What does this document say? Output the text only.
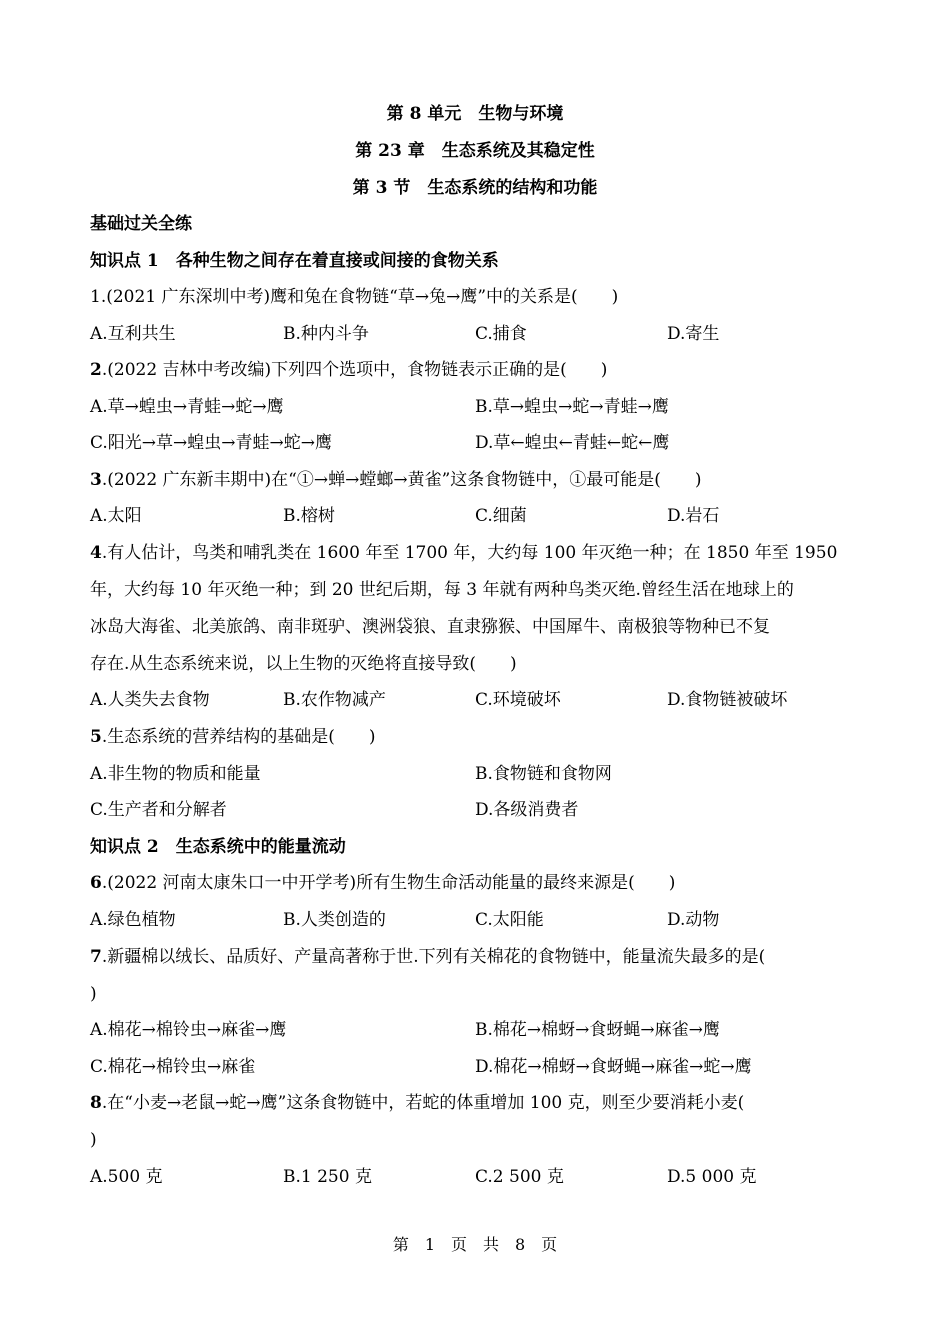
第 8 单元　生物与环境
第 23 章　生态系统及其稳定性
第 3 节　生态系统的结构和功能
基础过关全练
知识点 1　各种生物之间存在着直接或间接的食物关系
1.(2021 广东深圳中考)鹰和兔在食物链“草→兔→鹰”中的关系是(　　)
A.互利共生	B.种内斗争	C.捕食	D.寄生
2.(2022 吉林中考改编)下列四个选项中，食物链表示正确的是(　　)
A.草→蝗虫→青蛙→蛇→鹰	B.草→蝗虫→蛇→青蛙→鹰
C.阳光→草→蝗虫→青蛙→蛇→鹰	D.草←蝗虫←青蛙←蛇←鹰
3.(2022 广东新丰期中)在“①→蝉→螳螂→黄雀”这条食物链中，①最可能是(　　)
A.太阳	B.榕树	C.细菌	D.岩石
4.有人估计，鸟类和哺乳类在 1600 年至 1700 年，大约每 100 年灭绝一种；在 1850 年至 1950
年，大约每 10 年灭绝一种；到 20 世纪后期，每 3 年就有两种鸟类灭绝.曾经生活在地球上的
冰岛大海雀、北美旅鸽、南非斑驴、澳洲袋狼、直隶猕猴、中国犀牛、南极狼等物种已不复
存在.从生态系统来说，以上生物的灭绝将直接导致(　　)
A.人类失去食物	B.农作物减产	C.环境破坏	D.食物链被破坏
5.生态系统的营养结构的基础是(　　)
A.非生物的物质和能量	B.食物链和食物网
C.生产者和分解者	D.各级消费者
知识点 2　生态系统中的能量流动
6.(2022 河南太康朱口一中开学考)所有生物生命活动能量的最终来源是(　　)
A.绿色植物	B.人类创造的	C.太阳能	D.动物
7.新疆棉以绒长、品质好、产量高著称于世.下列有关棉花的食物链中，能量流失最多的是(
)
A.棉花→棉铃虫→麻雀→鹰	B.棉花→棉蚜→食蚜蝇→麻雀→鹰
C.棉花→棉铃虫→麻雀	D.棉花→棉蚜→食蚜蝇→麻雀→蛇→鹰
8.在“小麦→老鼠→蛇→鹰”这条食物链中，若蛇的体重增加 100 克，则至少要消耗小麦(
)
A.500 克	B.1 250 克	C.2 500 克	D.5 000 克
第　1　页　共　8　页
